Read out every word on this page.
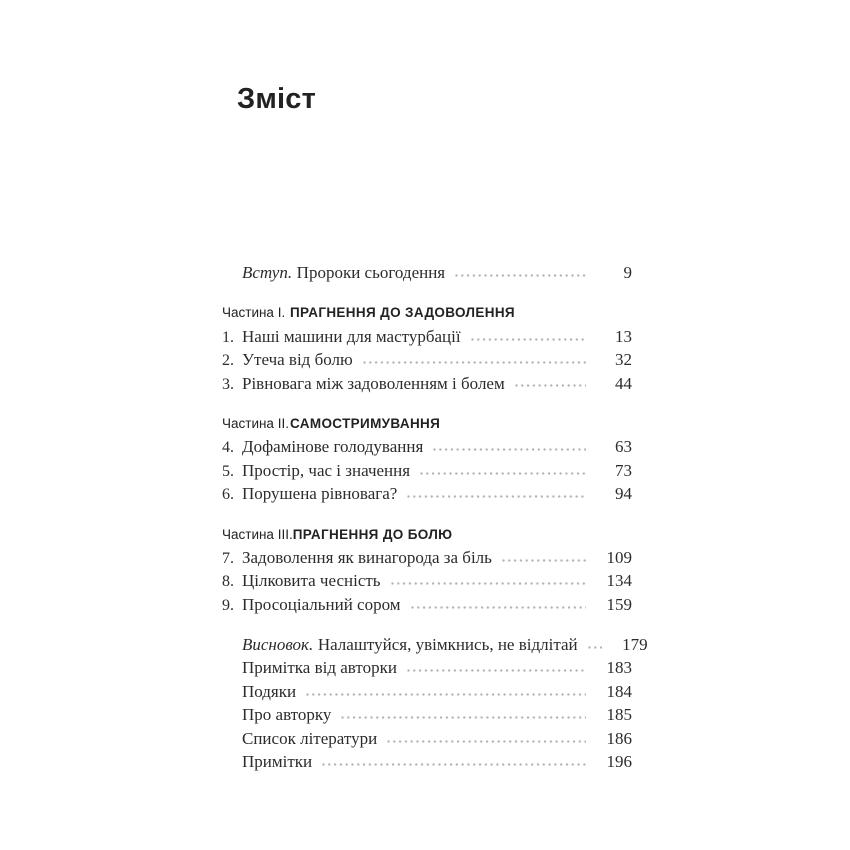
Зміст
Вступ. Пророки сьогодення	9
Частина I. ПРАГНЕННЯ ДО ЗАДОВОЛЕННЯ
1. Наші машини для мастурбації	13
2. Утеча від болю	32
3. Рівновага між задоволенням і болем	44
Частина II. САМОСТРИМУВАННЯ
4. Дофамінове голодування	63
5. Простір, час і значення	73
6. Порушена рівновага?	94
Частина III. ПРАГНЕННЯ ДО БОЛЮ
7. Задоволення як винагорода за біль	109
8. Цілковита чесність	134
9. Просоціальний сором	159
Висновок. Налаштуйся, увімкнись, не відлітай	179
Примітка від авторки	183
Подяки	184
Про авторку	185
Список літератури	186
Примітки	196
